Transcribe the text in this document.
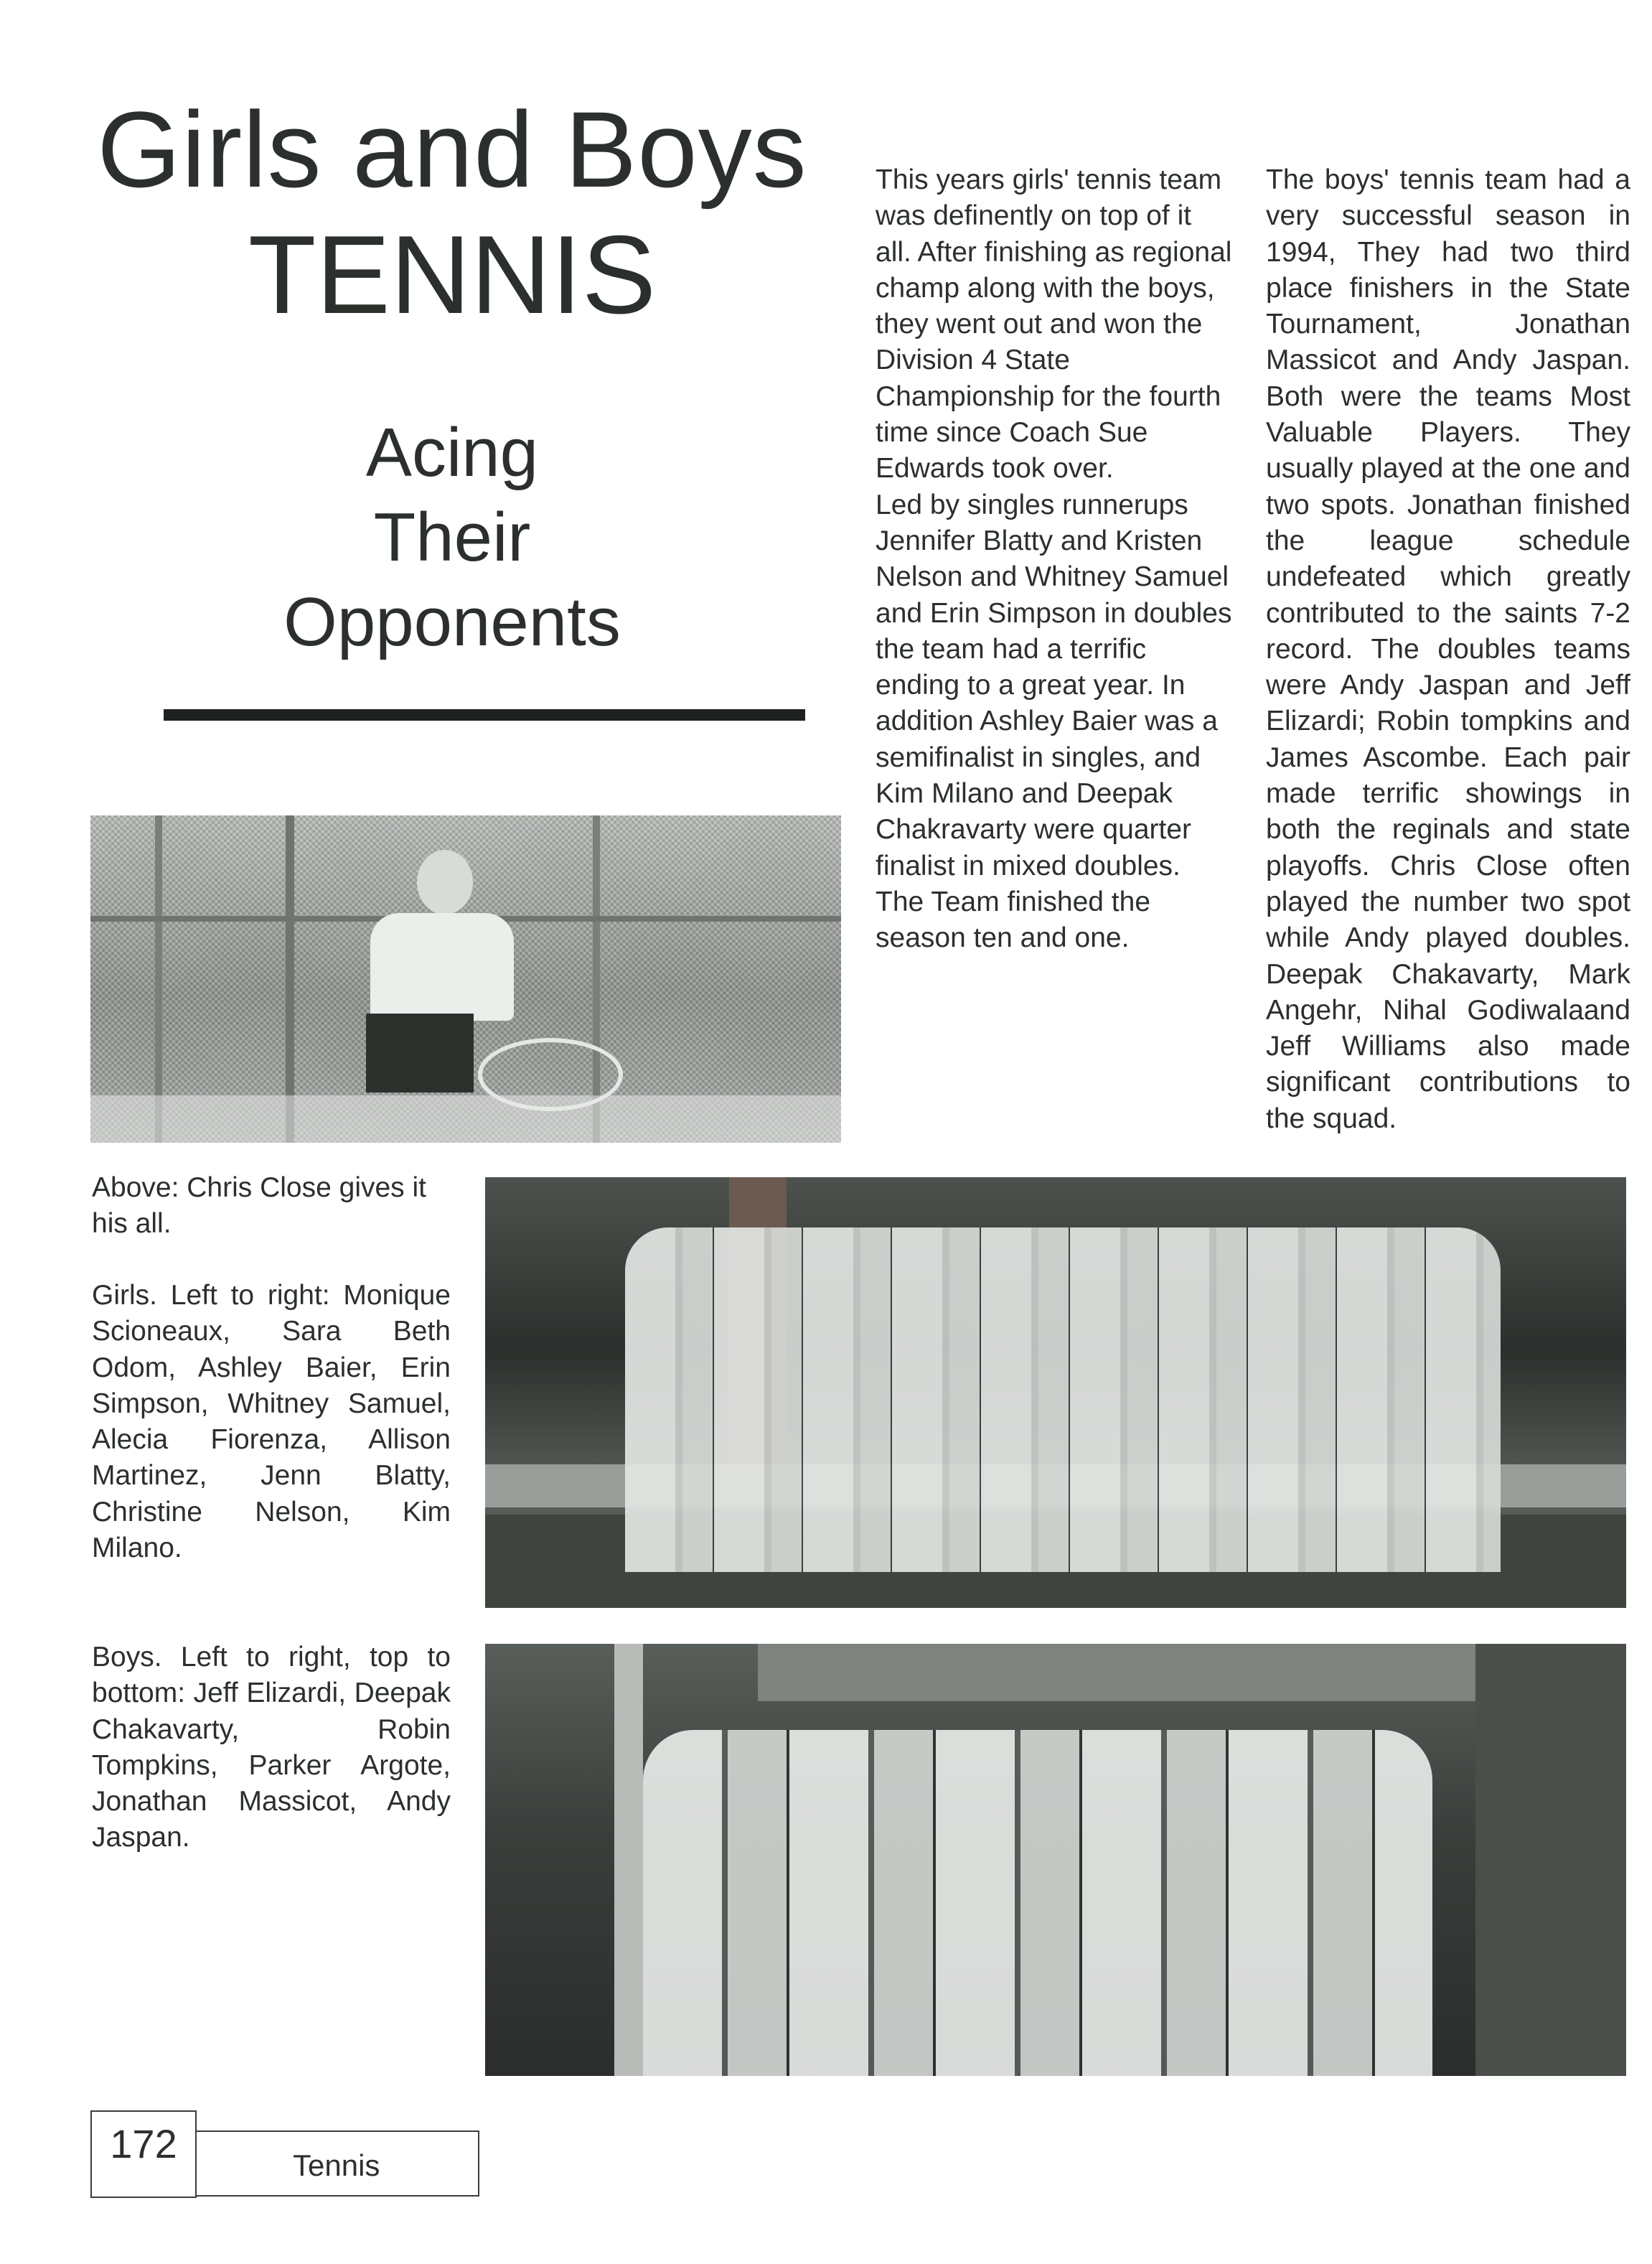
Girls and Boys
TENNIS
Acing
Their
Opponents

This years girls' tennis team was definently on top of it all. After finishing as regional champ along with the boys, they went out and won the Division 4 State Championship for the fourth time since Coach Sue Edwards took over.

Led by singles runnerups Jennifer Blatty and Kristen Nelson and Whitney Samuel and Erin Simpson in doubles the team had a terrific ending to a great year. In addition Ashley Baier was a semifinalist in singles, and Kim Milano and Deepak Chakravarty were quarter finalist in mixed doubles.

The Team finished the season ten and one.

The boys' tennis team had a very successful season in 1994, They had two third place finishers in the State Tournament, Jonathan Massicot and Andy Jaspan. Both were the teams Most Valuable Players. They usually played at the one and two spots. Jonathan finished the league schedule undefeated which greatly contributed to the saints 7-2 record. The doubles teams were Andy Jaspan and Jeff Elizardi; Robin tompkins and James Ascombe. Each pair made terrific showings in both the reginals and state playoffs. Chris Close often played the number two spot while Andy played doubles. Deepak Chakavarty, Mark Angehr, Nihal Godiwalaand Jeff Williams also made significant contributions to the squad.

Above: Chris Close gives it his all.
Girls. Left to right: Monique Scioneaux, Sara Beth Odom, Ashley Baier, Erin Simpson, Whitney Samuel, Alecia Fiorenza, Allison Martinez, Jenn Blatty, Christine Nelson, Kim Milano.
Boys. Left to right, top to bottom: Jeff Elizardi, Deepak Chakavarty, Robin Tompkins, Parker Argote, Jonathan Massicot, Andy Jaspan.
172	Tennis
